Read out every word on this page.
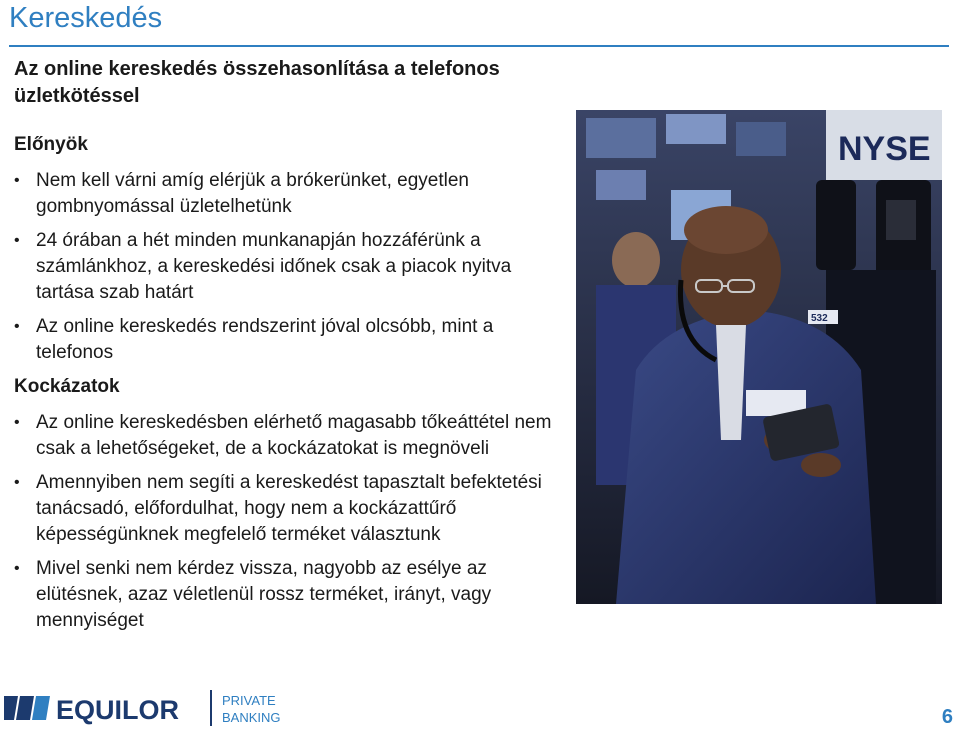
Kereskedés
Az online kereskedés összehasonlítása a telefonos üzletkötéssel
Előnyök
• Nem kell várni amíg elérjük a brókerünket, egyetlen gombnyomással üzletelhetünk
• 24 órában a hét minden munkanapján hozzáférünk a számlánkhoz, a kereskedési időnek csak a piacok nyitva tartása szab határt
• Az online kereskedés rendszerint jóval olcsóbb, mint a telefonos
Kockázatok
• Az online kereskedésben elérhető magasabb tőkeáttétel nem csak a lehetőségeket, de a kockázatokat is megnöveli
• Amennyiben nem segíti a kereskedést tapasztalt befektetési tanácsadó, előfordulhat, hogy nem a kockázattűrő képességünknek megfelelő terméket választunk
• Mivel senki nem kérdez vissza, nagyobb az esélye az elütésnek, azaz véletlenül rossz terméket, irányt, vagy mennyiséget
NYSE
532
EQUILOR	PRIVATE
BANKING	6
